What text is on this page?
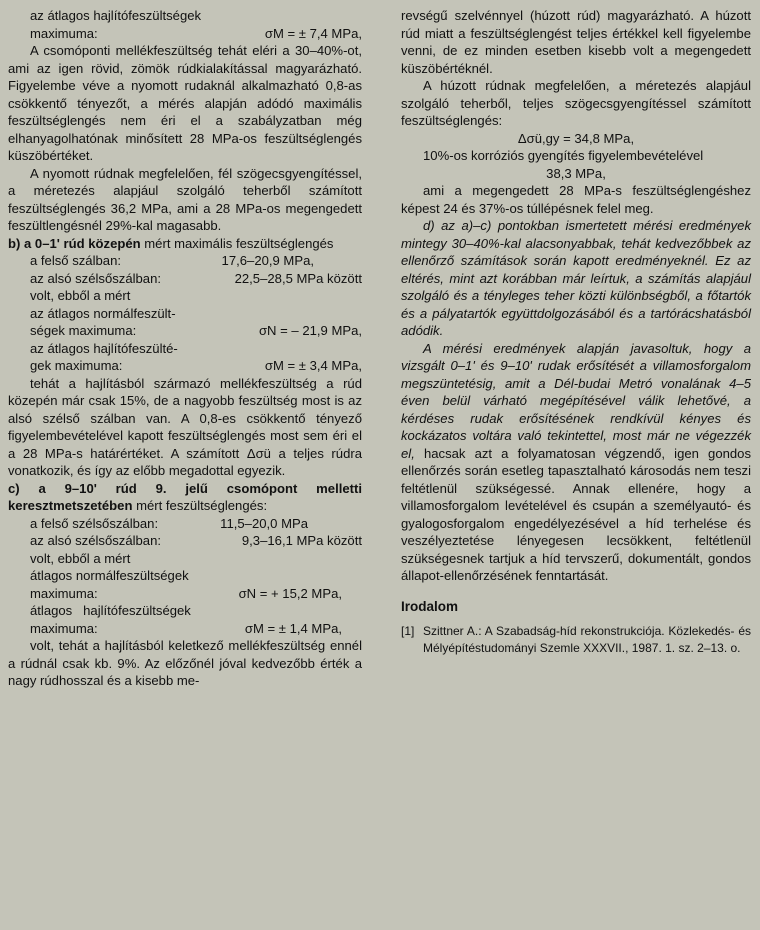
az átlagos hajlítófeszültségek

maximuma:	σM = ± 7,4 MPa,

A csomóponti mellékfeszültség tehát eléri a 30–40%-ot, ami az igen rövid, zömök rúdkialakítással magyarázható. Figyelembe véve a nyomott rudaknál alkalmazható 0,8-as csökkentő tényezőt, a mérés alapján adódó maximális feszültséglengés nem éri el a szabályzatban még elhanyagolhatónak minősített 28 MPa-os feszültséglengés küszöbértéket.

A nyomott rúdnak megfelelően, fél szögecsgyengítéssel, a méretezés alapjául szolgáló teherből számított feszültséglengés 36,2 MPa, ami a 28 MPa-os megengedett feszültlengésnél 29%-kal magasabb.

b) a 0–1' rúd közepén mért maximális feszültséglengés

a felső szálban:	17,6–20,9 MPa,
az alsó szélsőszálban:	22,5–28,5 MPa között

volt, ebből a mért

az átlagos normálfeszült-

ségek maximuma:	σN = – 21,9 MPa,

az átlagos hajlítófeszülté-

gek maximuma:	σM = ± 3,4 MPa,

tehát a hajlításból származó mellékfeszültség a rúd közepén már csak 15%, de a nagyobb feszültség most is az alsó szélső szálban van. A 0,8-es csökkentő tényező figyelembevételével kapott feszültséglengés most sem éri el a 28 MPa-s határértéket. A számított Δσü a teljes rúdra vonatkozik, és így az előbb megadottal egyezik.

c) a 9–10' rúd 9. jelű csomópont melletti keresztmetszetében mért feszültséglengés:

a felső szélsőszálban:	11,5–20,0 MPa
az alsó szélsőszálban:	9,3–16,1 MPa között

volt, ebből a mért

átlagos normálfeszültségek

maximuma:	σN = + 15,2 MPa,

átlagos   hajlítófeszültségek

maximuma:	σM = ± 1,4 MPa,

volt, tehát a hajlításból keletkező mellékfeszültség ennél a rúdnál csak kb. 9%. Az előzőnél jóval kedvezőbb érték a nagy rúdhosszal és a kisebb me-

revségű szelvénnyel (húzott rúd) magyarázható. A húzott rúd miatt a feszültséglengést teljes értékkel kell figyelembe venni, de ez minden esetben kisebb volt a megengedett küszöbértéknél.

A húzott rúdnak megfelelően, a méretezés alapjául szolgáló teherből, teljes szögecsgyengítéssel számított feszültséglengés:

Δσü,gy = 34,8 MPa,

10%-os korróziós gyengítés figyelembevételével

38,3 MPa,

ami a megengedett 28 MPa-s feszültséglengéshez képest 24 és 37%-os túllépésnek felel meg.

d) az a)–c) pontokban ismertetett mérési eredmények mintegy 30–40%-kal alacsonyabbak, tehát kedvezőbbek az ellenőrző számítások során kapott eredményeknél. Ez az eltérés, mint azt korábban már leírtuk, a számítás alapjául szolgáló és a tényleges teher közti különbségből, a főtartók és a pályatartók együttdolgozásából és a tartórácshatásból adódik.

A mérési eredmények alapján javasoltuk, hogy a vizsgált 0–1' és 9–10' rudak erősítését a villamosforgalom megszüntetésig, amit a Dél-budai Metró vonalának 4–5 éven belül várható megépítésével válik lehetővé, a kérdéses rudak erősítésének rendkívül kényes és kockázatos voltára való tekintettel, most már ne végezzék el, hacsak azt a folyamatosan végzendő, igen gondos ellenőrzés során esetleg tapasztalható károsodás nem teszi feltétlenül szükségessé. Annak ellenére, hogy a villamosforgalom levételével és csupán a személyautó- és gyalogosforgalom engedélyezésével a híd terhelése és veszélyeztetése lényegesen lecsökkent, feltétlenül szükségesnek tartjuk a híd tervszerű, dokumentált, gondos állapot-ellenőrzésének fenntartását.

Irodalom

[1] Szittner A.: A Szabadság-híd rekonstrukciója. Közlekedés- és Mélyépítéstudományi Szemle XXXVII., 1987. 1. sz. 2–13. o.
